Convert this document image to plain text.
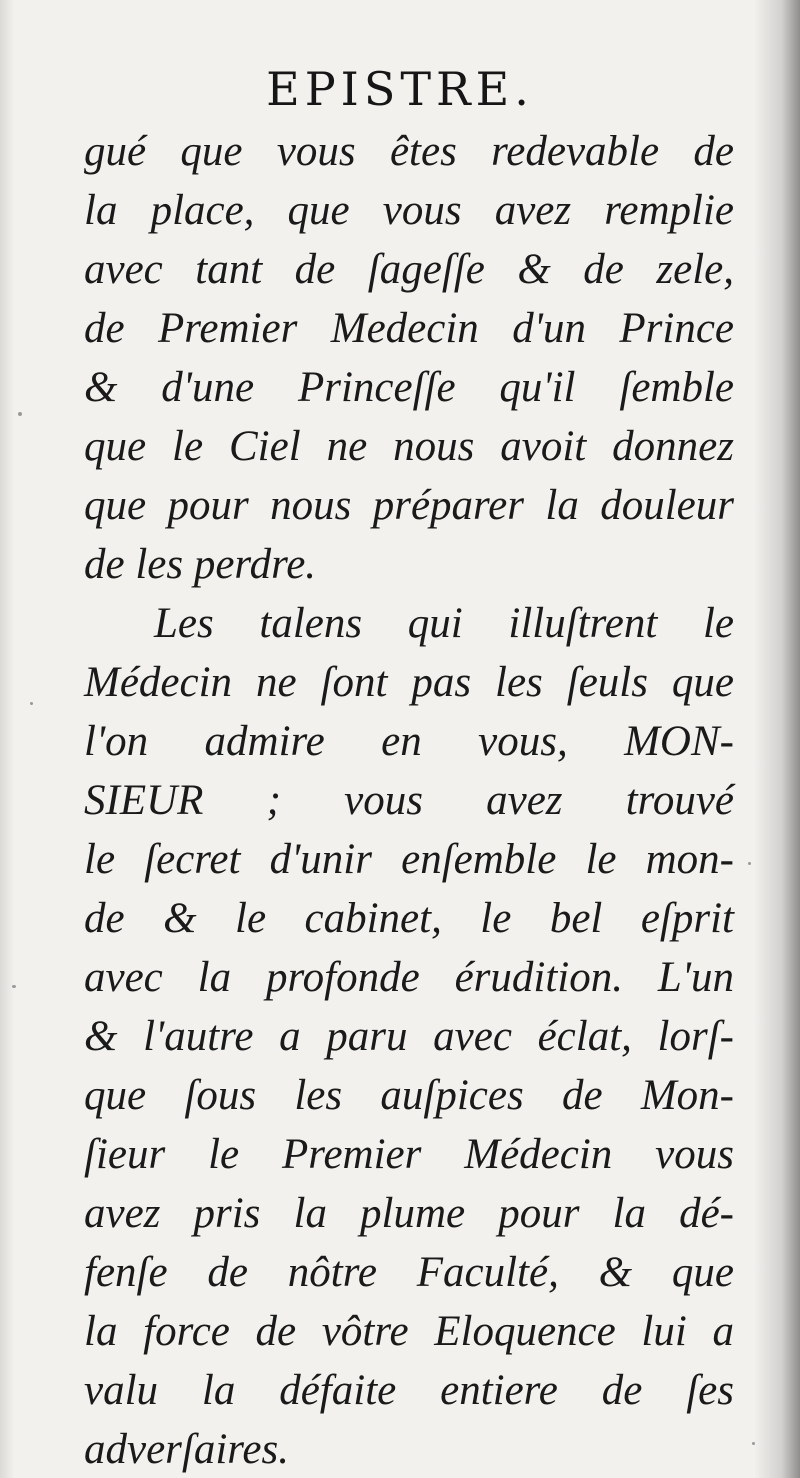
EPISTRE.
gué que vous êtes redevable de
la place, que vous avez remplie
avec tant de ſageſſe & de zele,
de Premier Medecin d'un Prince
& d'une Princeſſe qu'il ſemble
que le Ciel ne nous avoit donnez
que pour nous préparer la douleur
de les perdre.
Les talens qui illuſtrent le
Médecin ne ſont pas les ſeuls que
l'on admire en vous, MON-
SIEUR ; vous avez trouvé
le ſecret d'unir enſemble le mon-
de & le cabinet, le bel eſprit
avec la profonde érudition. L'un
& l'autre a paru avec éclat, lorſ-
que ſous les auſpices de Mon-
ſieur le Premier Médecin vous
avez pris la plume pour la dé-
fenſe de nôtre Faculté, & que
la force de vôtre Eloquence lui a
valu la défaite entiere de ſes
adverſaires.
